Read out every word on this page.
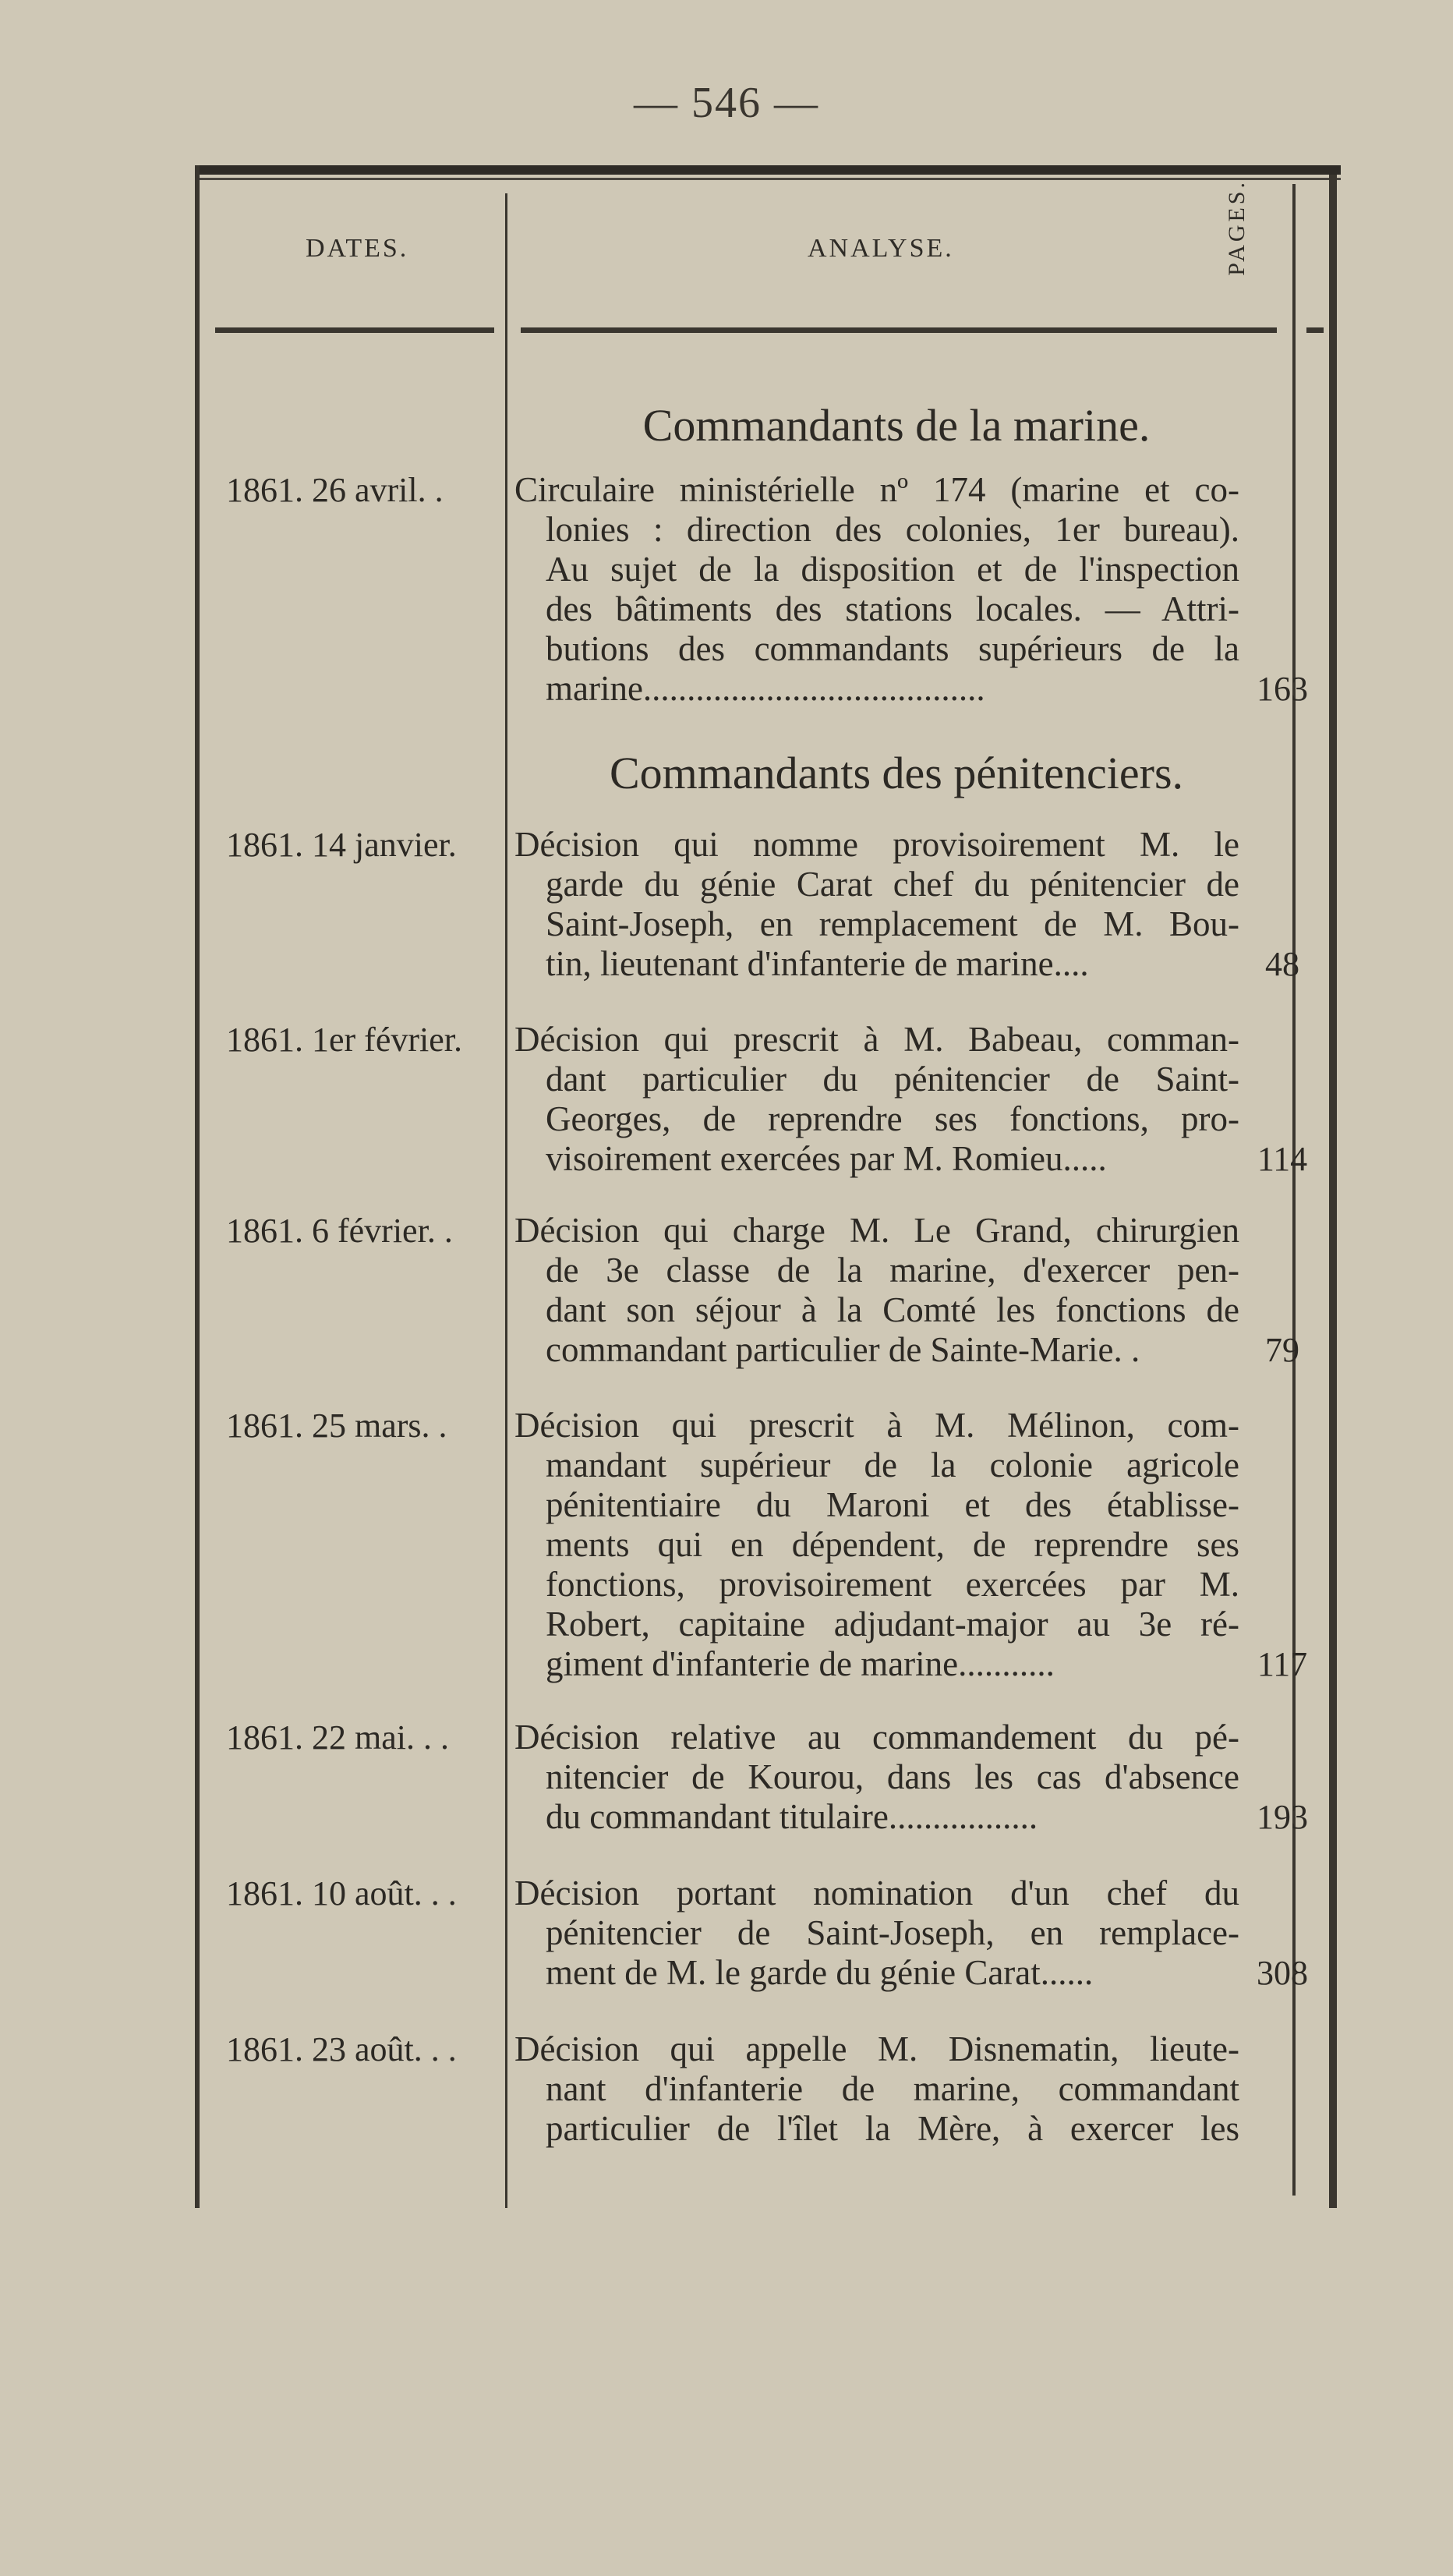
— 546 —
DATES.	ANALYSE.	PAGES.
Commandants de la marine.
1861. 26 avril. .	Circulaire ministérielle nº 174 (marine et co-
lonies : direction des colonies, 1er bureau).
Au sujet de la disposition et de l'inspection
des bâtiments des stations locales. — Attri-
butions des commandants supérieurs de la
marine.......................................	163
Commandants des pénitenciers.
1861. 14 janvier.	Décision qui nomme provisoirement M. le
garde du génie Carat chef du pénitencier de
Saint-Joseph, en remplacement de M. Bou-
tin, lieutenant d'infanterie de marine....	48
1861. 1er février.	Décision qui prescrit à M. Babeau, comman-
dant particulier du pénitencier de Saint-
Georges, de reprendre ses fonctions, pro-
visoirement exercées par M. Romieu.....	114
1861. 6 février. .	Décision qui charge M. Le Grand, chirurgien
de 3e classe de la marine, d'exercer pen-
dant son séjour à la Comté les fonctions de
commandant particulier de Sainte-Marie. .	79
1861. 25 mars. .	Décision qui prescrit à M. Mélinon, com-
mandant supérieur de la colonie agricole
pénitentiaire du Maroni et des établisse-
ments qui en dépendent, de reprendre ses
fonctions, provisoirement exercées par M.
Robert, capitaine adjudant-major au 3e ré-
giment d'infanterie de marine...........	117
1861. 22 mai. . .	Décision relative au commandement du pé-
nitencier de Kourou, dans les cas d'absence
du commandant titulaire.................	193
1861. 10 août. . .	Décision portant nomination d'un chef du
pénitencier de Saint-Joseph, en remplace-
ment de M. le garde du génie Carat......	308
1861. 23 août. . .	Décision qui appelle M. Disnematin, lieute-
nant d'infanterie de marine, commandant
particulier de l'îlet la Mère, à exercer les
